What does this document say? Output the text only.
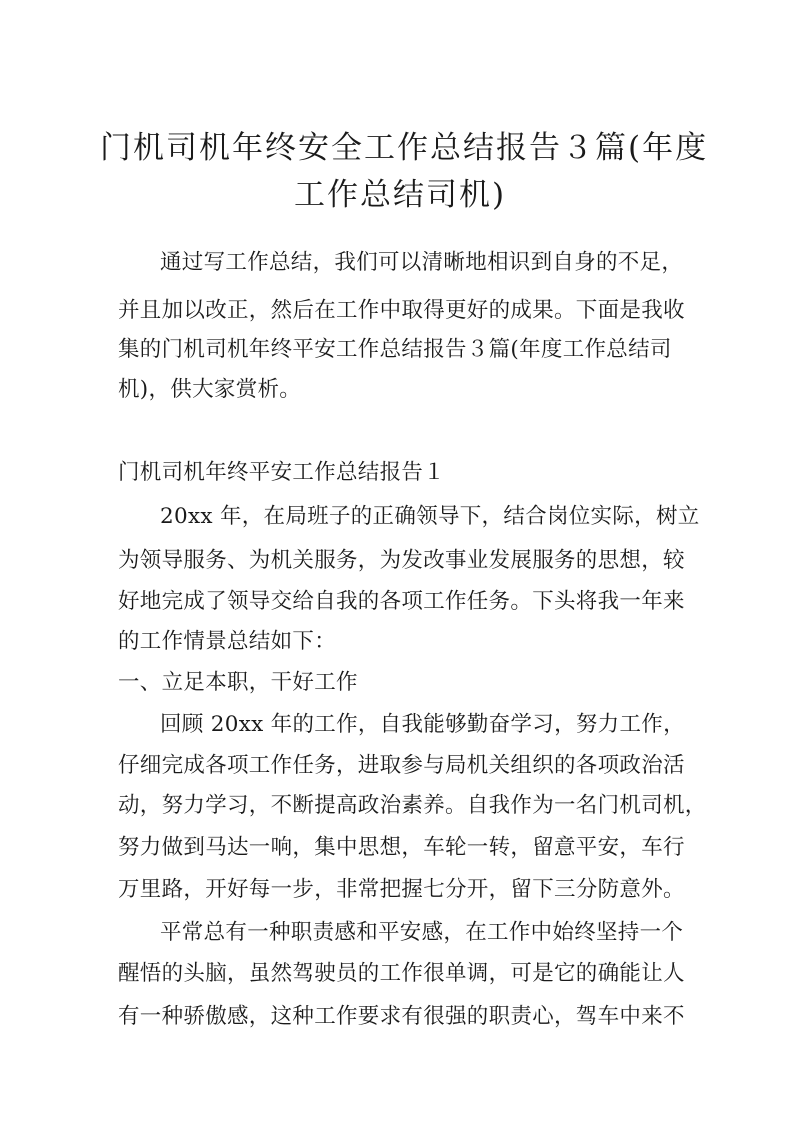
门机司机年终安全工作总结报告３篇(年度
工作总结司机)
通过写工作总结，我们可以清晰地相识到自身的不足，
并且加以改正，然后在工作中取得更好的成果。下面是我收
集的门机司机年终平安工作总结报告３篇(年度工作总结司
机)，供大家赏析。
门机司机年终平安工作总结报告１
20xx 年，在局班子的正确领导下，结合岗位实际，树立
为领导服务、为机关服务，为发改事业发展服务的思想，较
好地完成了领导交给自我的各项工作任务。下头将我一年来
的工作情景总结如下：
一、立足本职，干好工作
回顾 20xx 年的工作，自我能够勤奋学习，努力工作，
仔细完成各项工作任务，进取参与局机关组织的各项政治活
动，努力学习，不断提高政治素养。自我作为一名门机司机，
努力做到马达一响，集中思想，车轮一转，留意平安，车行
万里路，开好每一步，非常把握七分开，留下三分防意外。
平常总有一种职责感和平安感，在工作中始终坚持一个
醒悟的头脑，虽然驾驶员的工作很单调，可是它的确能让人
有一种骄傲感，这种工作要求有很强的职责心，驾车中来不
